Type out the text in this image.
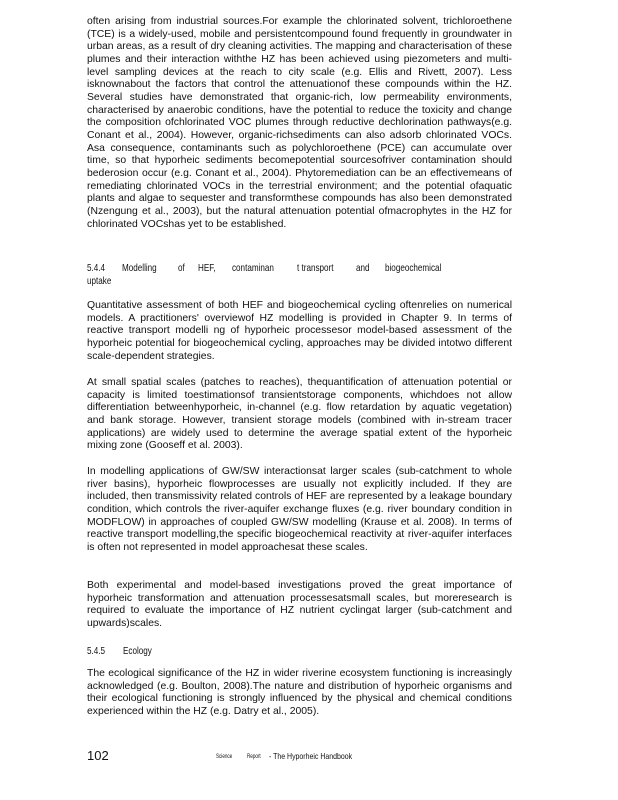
often arising from industrial sources.For example the chlorinated solvent, trichloroethene (TCE) is a widely-used, mobile and persistentcompound found frequently in groundwater in urban areas, as a result of dry cleaning activities. The mapping and characterisation of these plumes and their interaction withthe HZ has been achieved using piezometers and multi-level sampling devices at the reach to city scale (e.g. Ellis and Rivett, 2007). Less isknownabout the factors that control the attenuationof these compounds within the HZ. Several studies have demonstrated that organic-rich, low permeability environments, characterised by anaerobic conditions, have the potential to reduce the toxicity and change the composition ofchlorinated VOC plumes through reductive dechlorination pathways(e.g. Conant et al., 2004). However, organic-richsediments can also adsorb chlorinated VOCs. Asa consequence, contaminants such as polychloroethene (PCE) can accumulate over time, so that hyporheic sediments becomepotential sourcesofriver contamination should bederosion occur (e.g. Conant et al., 2004). Phytoremediation can be an effectivemeans of remediating chlorinated VOCs in the terrestrial environment; and the potential ofaquatic plants and algae to sequester and transformthese compounds has also been demonstrated (Nzengung et al., 2003), but the natural attenuation potential ofmacrophytes in the HZ for chlorinated VOCshas yet to be established.

5.4.4 Modelling of HEF, contaminan t transport and biogeochemical
uptake

Quantitative assessment of both HEF and biogeochemical cycling oftenrelies on numerical models. A practitioners' overviewof HZ modelling is provided in Chapter 9. In terms of reactive transport modelli ng of hyporheic processesor model-based assessment of the hyporheic potential for biogeochemical cycling, approaches may be divided intotwo different scale-dependent strategies.

At small spatial scales (patches to reaches), thequantification of attenuation potential or capacity is limited toestimationsof transientstorage components, whichdoes not allow differentiation betweenhyporheic, in-channel (e.g. flow retardation by aquatic vegetation) and bank storage. However, transient storage models (combined with in-stream tracer applications) are widely used to determine the average spatial extent of the hyporheic mixing zone (Gooseff et al. 2003).

In modelling applications of GW/SW interactionsat larger scales (sub-catchment to whole river basins), hyporheic flowprocesses are usually not explicitly included. If they are included, then transmissivity related controls of HEF are represented by a leakage boundary condition, which controls the river-aquifer exchange fluxes (e.g. river boundary condition in MODFLOW) in approaches of coupled GW/SW modelling (Krause et al. 2008). In terms of reactive transport modelling,the specific biogeochemical reactivity at river-aquifer interfaces is often not represented in model approachesat these scales.

Both experimental and model-based investigations proved the great importance of hyporheic transformation and attenuation processesatsmall scales, but moreresearch is required to evaluate the importance of HZ nutrient cyclingat larger (sub-catchment and upwards)scales.

5.4.5 Ecology

The ecological significance of the HZ in wider riverine ecosystem functioning is increasingly acknowledged (e.g. Boulton, 2008).The nature and distribution of hyporheic organisms and their ecological functioning is strongly influenced by the physical and chemical conditions experienced within the HZ (e.g. Datry et al., 2005).

102	Science Report - The Hyporheic Handbook
